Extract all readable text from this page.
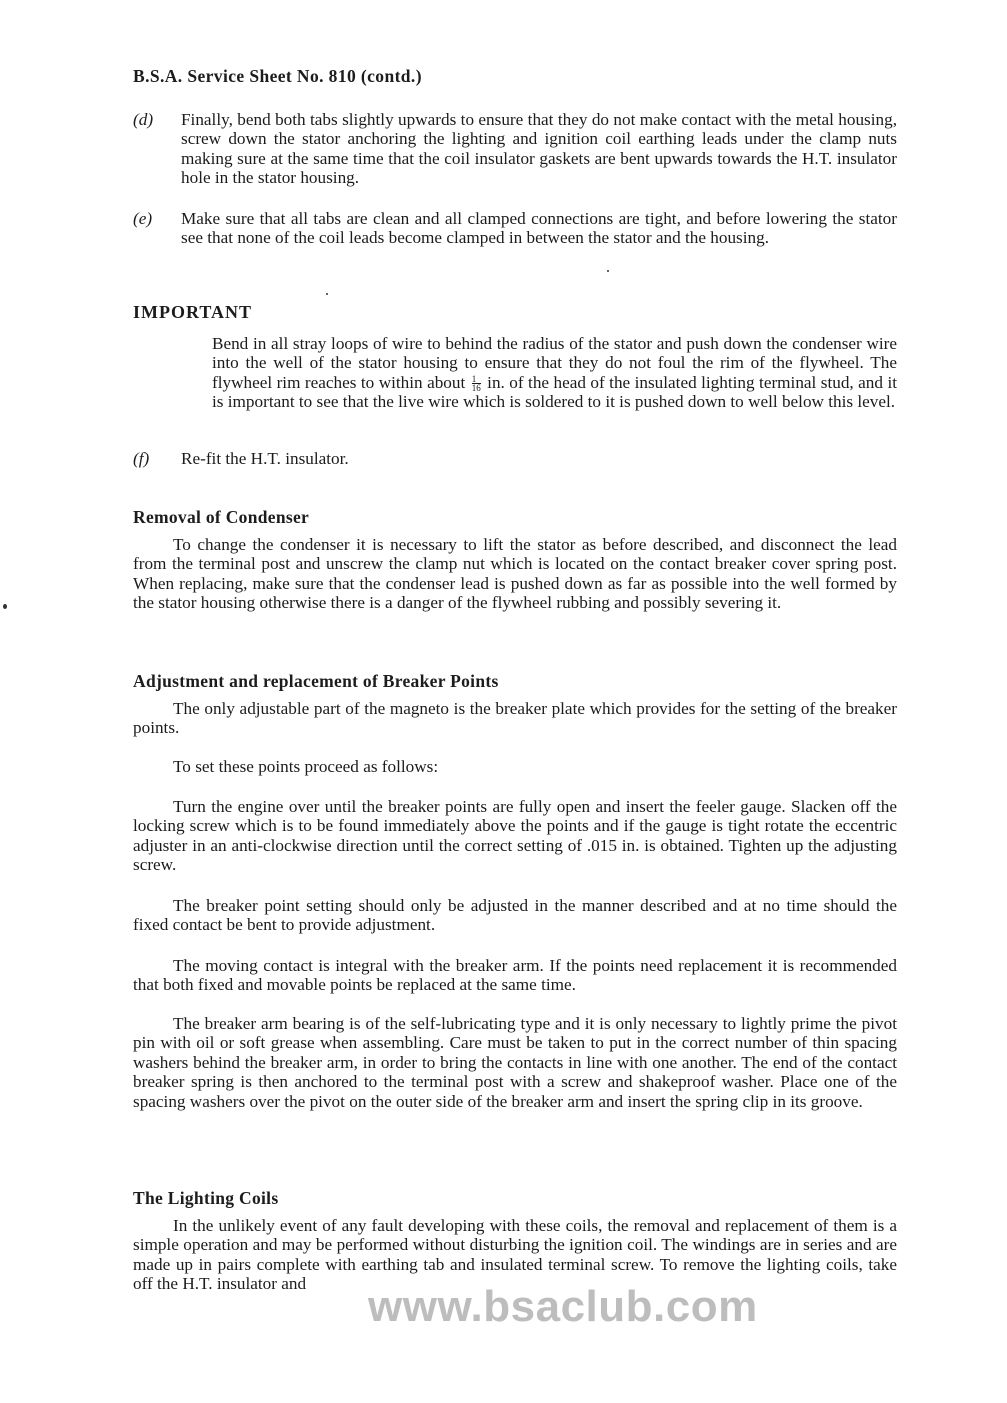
B.S.A. Service Sheet No. 810 (contd.)
(d) Finally, bend both tabs slightly upwards to ensure that they do not make contact with the metal housing, screw down the stator anchoring the lighting and ignition coil earthing leads under the clamp nuts making sure at the same time that the coil insulator gaskets are bent upwards towards the H.T. insulator hole in the stator housing.
(e) Make sure that all tabs are clean and all clamped connections are tight, and before lowering the stator see that none of the coil leads become clamped in between the stator and the housing.
IMPORTANT
Bend in all stray loops of wire to behind the radius of the stator and push down the condenser wire into the well of the stator housing to ensure that they do not foul the rim of the flywheel. The flywheel rim reaches to within about $\frac{1}{16}$ in. of the head of the insulated lighting terminal stud, and it is important to see that the live wire which is soldered to it is pushed down to well below this level.
(f) Re-fit the H.T. insulator.
Removal of Condenser
To change the condenser it is necessary to lift the stator as before described, and disconnect the lead from the terminal post and unscrew the clamp nut which is located on the contact breaker cover spring post. When replacing, make sure that the condenser lead is pushed down as far as possible into the well formed by the stator housing otherwise there is a danger of the flywheel rubbing and possibly severing it.
Adjustment and replacement of Breaker Points
The only adjustable part of the magneto is the breaker plate which provides for the setting of the breaker points.
To set these points proceed as follows:
Turn the engine over until the breaker points are fully open and insert the feeler gauge. Slacken off the locking screw which is to be found immediately above the points and if the gauge is tight rotate the eccentric adjuster in an anti-clockwise direction until the correct setting of .015 in. is obtained. Tighten up the adjusting screw.
The breaker point setting should only be adjusted in the manner described and at no time should the fixed contact be bent to provide adjustment.
The moving contact is integral with the breaker arm. If the points need replacement it is recommended that both fixed and movable points be replaced at the same time.
The breaker arm bearing is of the self-lubricating type and it is only necessary to lightly prime the pivot pin with oil or soft grease when assembling. Care must be taken to put in the correct number of thin spacing washers behind the breaker arm, in order to bring the contacts in line with one another. The end of the contact breaker spring is then anchored to the terminal post with a screw and shakeproof washer. Place one of the spacing washers over the pivot on the outer side of the breaker arm and insert the spring clip in its groove.
The Lighting Coils
In the unlikely event of any fault developing with these coils, the removal and replacement of them is a simple operation and may be performed without disturbing the ignition coil. The windings are in series and are made up in pairs complete with earthing tab and insulated terminal screw. To remove the lighting coils, take off the H.T. insulator and	www.bsaclub.com
